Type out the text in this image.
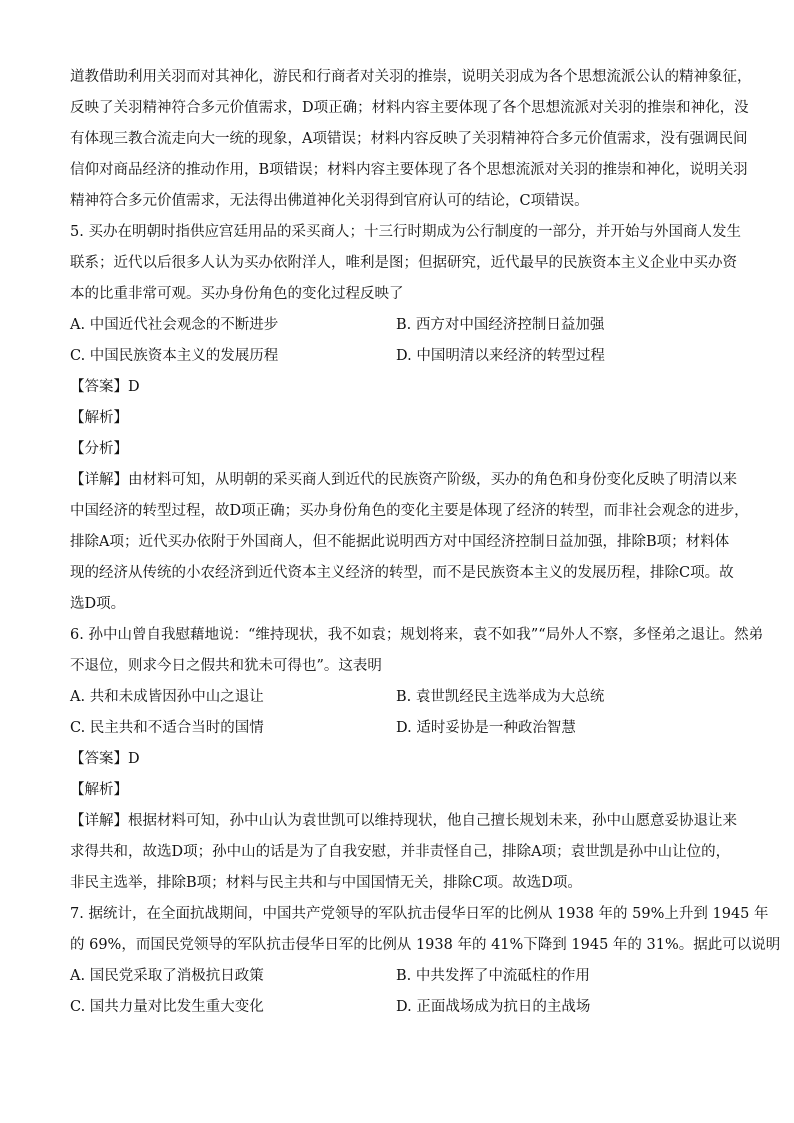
道教借助利用关羽而对其神化，游民和行商者对关羽的推崇，说明关羽成为各个思想流派公认的精神象征，
反映了关羽精神符合多元价值需求，D项正确；材料内容主要体现了各个思想流派对关羽的推崇和神化，没
有体现三教合流走向大一统的现象，A项错误；材料内容反映了关羽精神符合多元价值需求，没有强调民间
信仰对商品经济的推动作用，B项错误；材料内容主要体现了各个思想流派对关羽的推崇和神化，说明关羽
精神符合多元价值需求，无法得出佛道神化关羽得到官府认可的结论，C项错误。
5. 买办在明朝时指供应宫廷用品的采买商人；十三行时期成为公行制度的一部分，并开始与外国商人发生
联系；近代以后很多人认为买办依附洋人，唯利是图；但据研究，近代最早的民族资本主义企业中买办资
本的比重非常可观。买办身份角色的变化过程反映了
A. 中国近代社会观念的不断进步	B. 西方对中国经济控制日益加强
C. 中国民族资本主义的发展历程	D. 中国明清以来经济的转型过程
【答案】D
【解析】
【分析】
【详解】由材料可知，从明朝的采买商人到近代的民族资产阶级，买办的角色和身份变化反映了明清以来
中国经济的转型过程，故D项正确；买办身份角色的变化主要是体现了经济的转型，而非社会观念的进步，
排除A项；近代买办依附于外国商人，但不能据此说明西方对中国经济控制日益加强，排除B项；材料体
现的经济从传统的小农经济到近代资本主义经济的转型，而不是民族资本主义的发展历程，排除C项。故
选D项。
6. 孙中山曾自我慰藉地说：“维持现状，我不如袁；规划将来，袁不如我”“局外人不察，多怪弟之退让。然弟
不退位，则求今日之假共和犹未可得也”。这表明
A. 共和未成皆因孙中山之退让	B. 袁世凯经民主选举成为大总统
C. 民主共和不适合当时的国情	D. 适时妥协是一种政治智慧
【答案】D
【解析】
【详解】根据材料可知，孙中山认为袁世凯可以维持现状，他自己擅长规划未来，孙中山愿意妥协退让来
求得共和，故选D项；孙中山的话是为了自我安慰，并非责怪自己，排除A项；袁世凯是孙中山让位的，
非民主选举，排除B项；材料与民主共和与中国国情无关，排除C项。故选D项。
7. 据统计，在全面抗战期间，中国共产党领导的军队抗击侵华日军的比例从 1938 年的 59%上升到 1945 年
的 69%，而国民党领导的军队抗击侵华日军的比例从 1938 年的 41%下降到 1945 年的 31%。据此可以说明
A. 国民党采取了消极抗日政策	B. 中共发挥了中流砥柱的作用
C. 国共力量对比发生重大变化	D. 正面战场成为抗日的主战场
